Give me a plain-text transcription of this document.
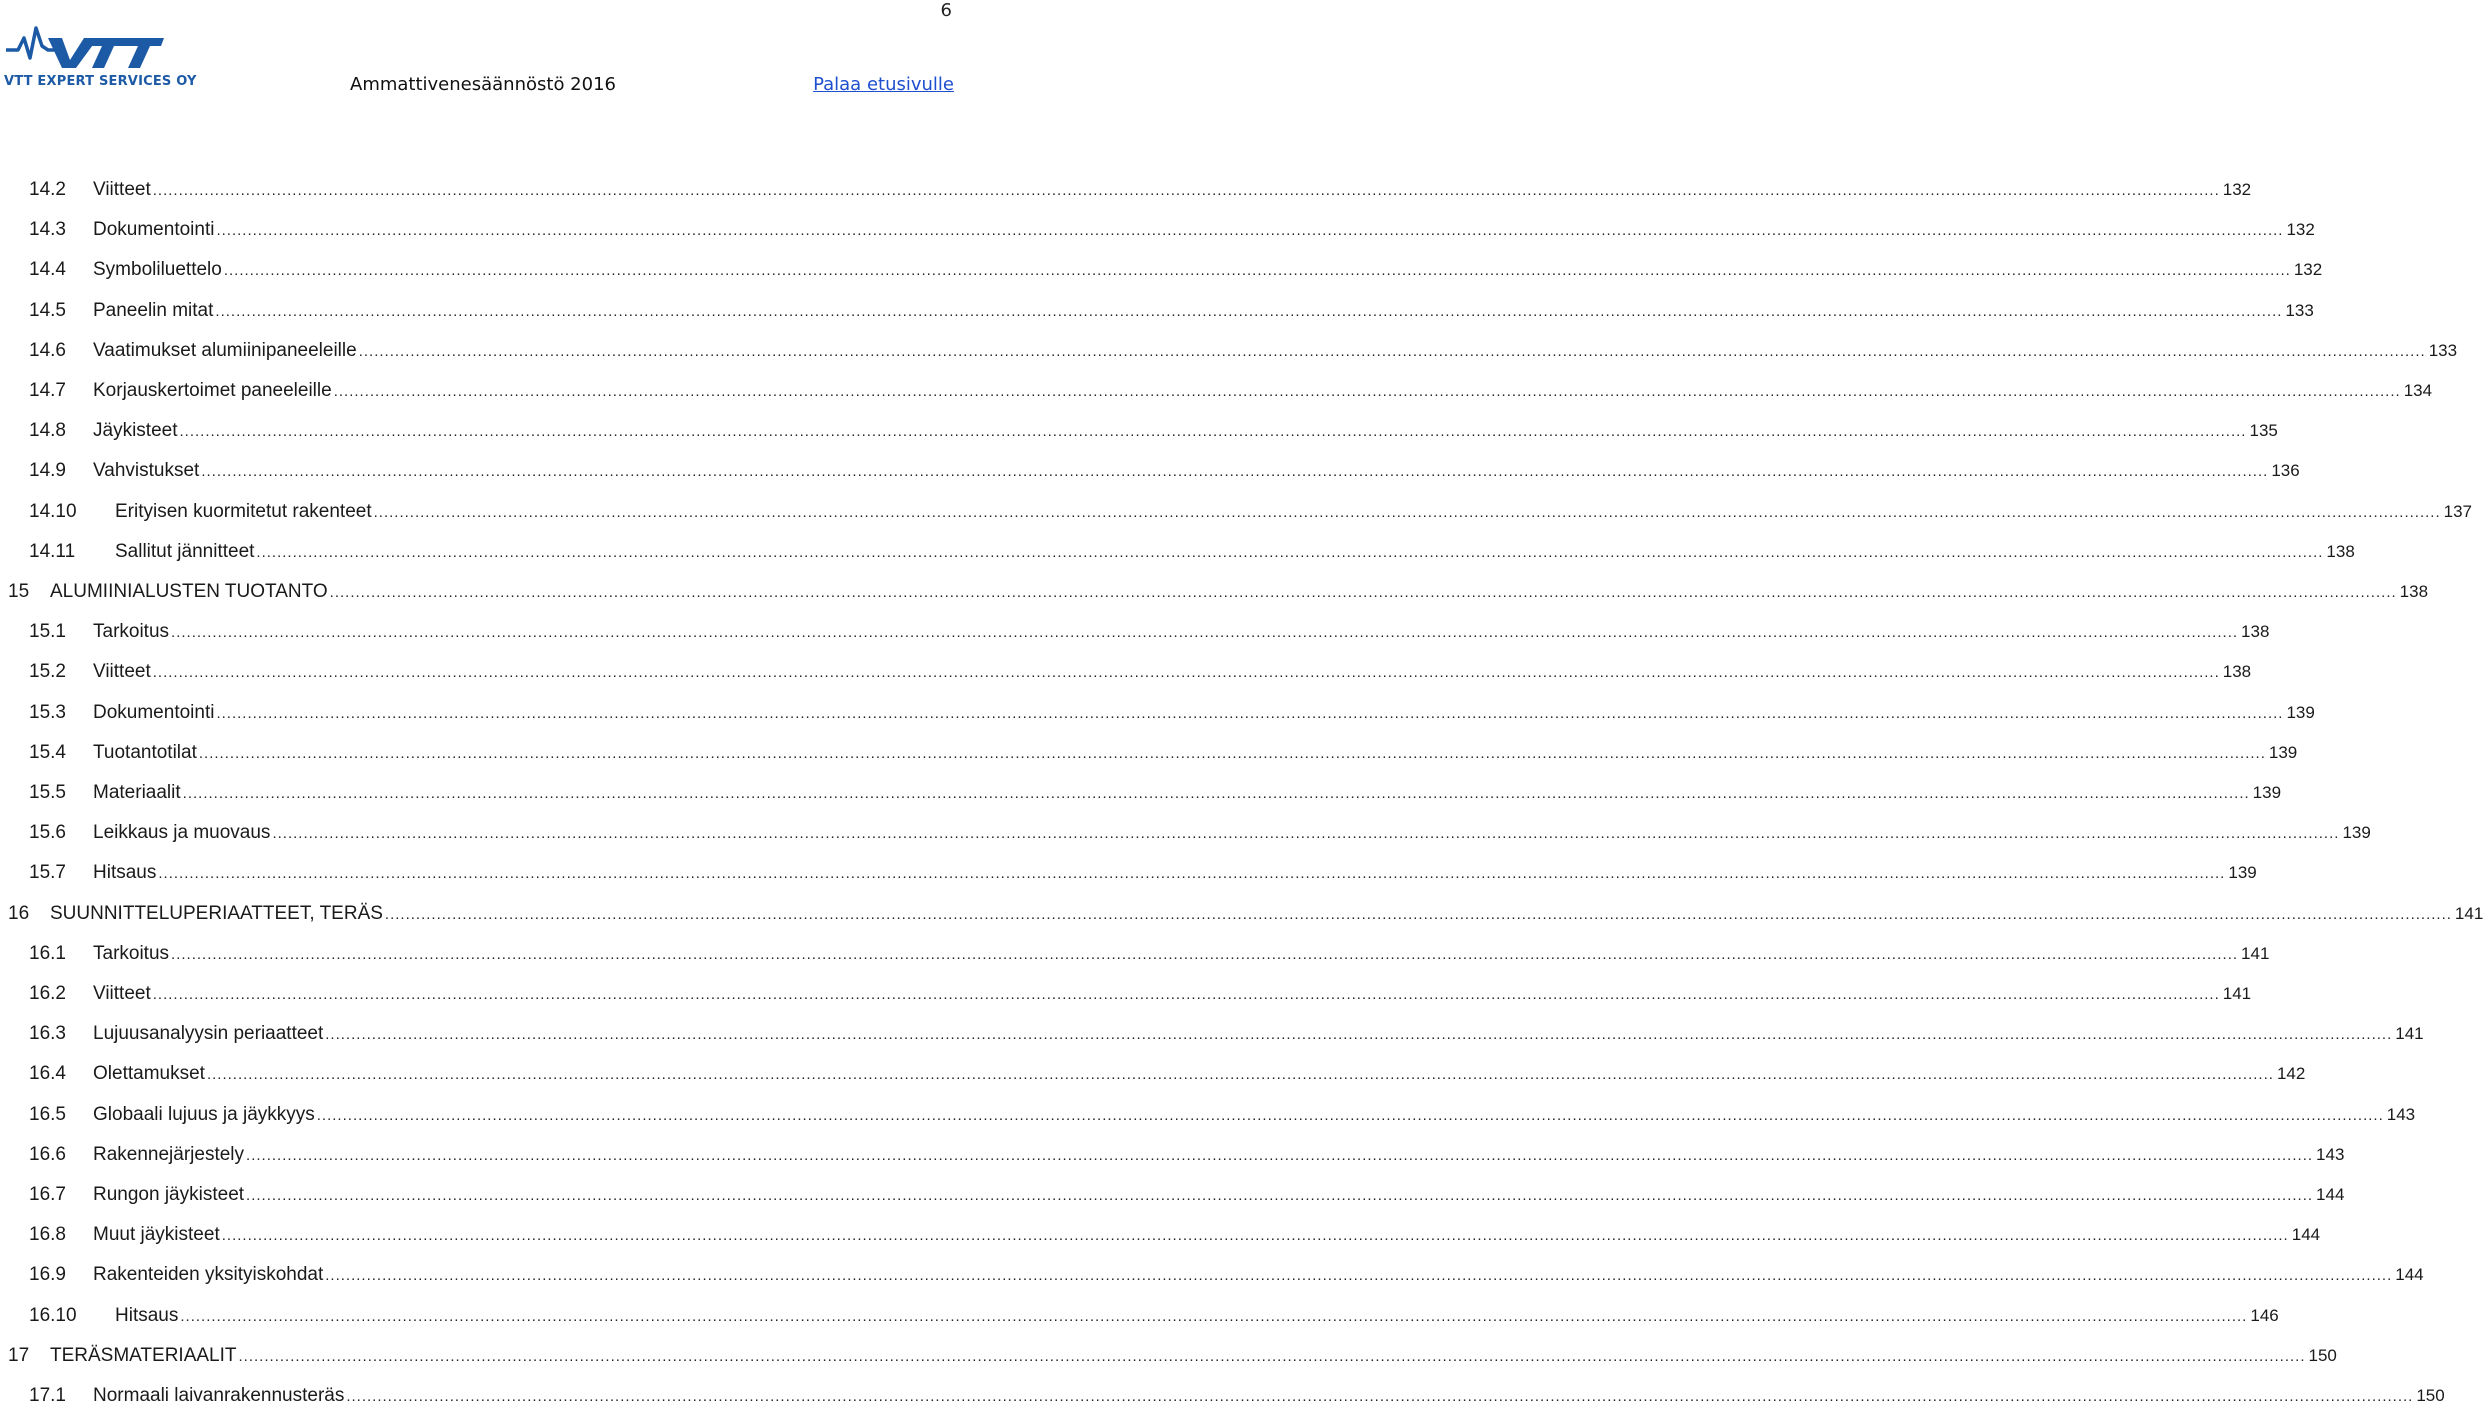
6
VTT EXPERT SERVICES OY	Ammattivenesäännöstö 2016	Palaa etusivulle
14.2	Viitteet ................................................................................................................................................................................................................................................................................................................................................................................................................ 132
14.3	Dokumentointi ................................................................................................................................................................................................................................................................................................................................................................................................................ 132
14.4	Symboliluettelo ................................................................................................................................................................................................................................................................................................................................................................................................................ 132
14.5	Paneelin mitat ................................................................................................................................................................................................................................................................................................................................................................................................................ 133
14.6	Vaatimukset alumiinipaneeleille ................................................................................................................................................................................................................................................................................................................................................................................................................ 133
14.7	Korjauskertoimet paneeleille ................................................................................................................................................................................................................................................................................................................................................................................................................ 134
14.8	Jäykisteet ................................................................................................................................................................................................................................................................................................................................................................................................................ 135
14.9	Vahvistukset ................................................................................................................................................................................................................................................................................................................................................................................................................ 136
14.10	Erityisen kuormitetut rakenteet ................................................................................................................................................................................................................................................................................................................................................................................................................ 137
14.11	Sallitut jännitteet ................................................................................................................................................................................................................................................................................................................................................................................................................ 138
15	ALUMIINIALUSTEN TUOTANTO ................................................................................................................................................................................................................................................................................................................................................................................................................ 138
15.1	Tarkoitus ................................................................................................................................................................................................................................................................................................................................................................................................................ 138
15.2	Viitteet ................................................................................................................................................................................................................................................................................................................................................................................................................ 138
15.3	Dokumentointi ................................................................................................................................................................................................................................................................................................................................................................................................................ 139
15.4	Tuotantotilat ................................................................................................................................................................................................................................................................................................................................................................................................................ 139
15.5	Materiaalit ................................................................................................................................................................................................................................................................................................................................................................................................................ 139
15.6	Leikkaus ja muovaus ................................................................................................................................................................................................................................................................................................................................................................................................................ 139
15.7	Hitsaus ................................................................................................................................................................................................................................................................................................................................................................................................................ 139
16	SUUNNITTELUPERIAATTEET, TERÄS ................................................................................................................................................................................................................................................................................................................................................................................................................ 141
16.1	Tarkoitus ................................................................................................................................................................................................................................................................................................................................................................................................................ 141
16.2	Viitteet ................................................................................................................................................................................................................................................................................................................................................................................................................ 141
16.3	Lujuusanalyysin periaatteet ................................................................................................................................................................................................................................................................................................................................................................................................................ 141
16.4	Olettamukset ................................................................................................................................................................................................................................................................................................................................................................................................................ 142
16.5	Globaali lujuus ja jäykkyys ................................................................................................................................................................................................................................................................................................................................................................................................................ 143
16.6	Rakennejärjestely ................................................................................................................................................................................................................................................................................................................................................................................................................ 143
16.7	Rungon jäykisteet ................................................................................................................................................................................................................................................................................................................................................................................................................ 144
16.8	Muut jäykisteet ................................................................................................................................................................................................................................................................................................................................................................................................................ 144
16.9	Rakenteiden yksityiskohdat ................................................................................................................................................................................................................................................................................................................................................................................................................ 144
16.10	Hitsaus ................................................................................................................................................................................................................................................................................................................................................................................................................ 146
17	TERÄSMATERIAALIT ................................................................................................................................................................................................................................................................................................................................................................................................................ 150
17.1	Normaali laivanrakennusteräs ................................................................................................................................................................................................................................................................................................................................................................................................................ 150
